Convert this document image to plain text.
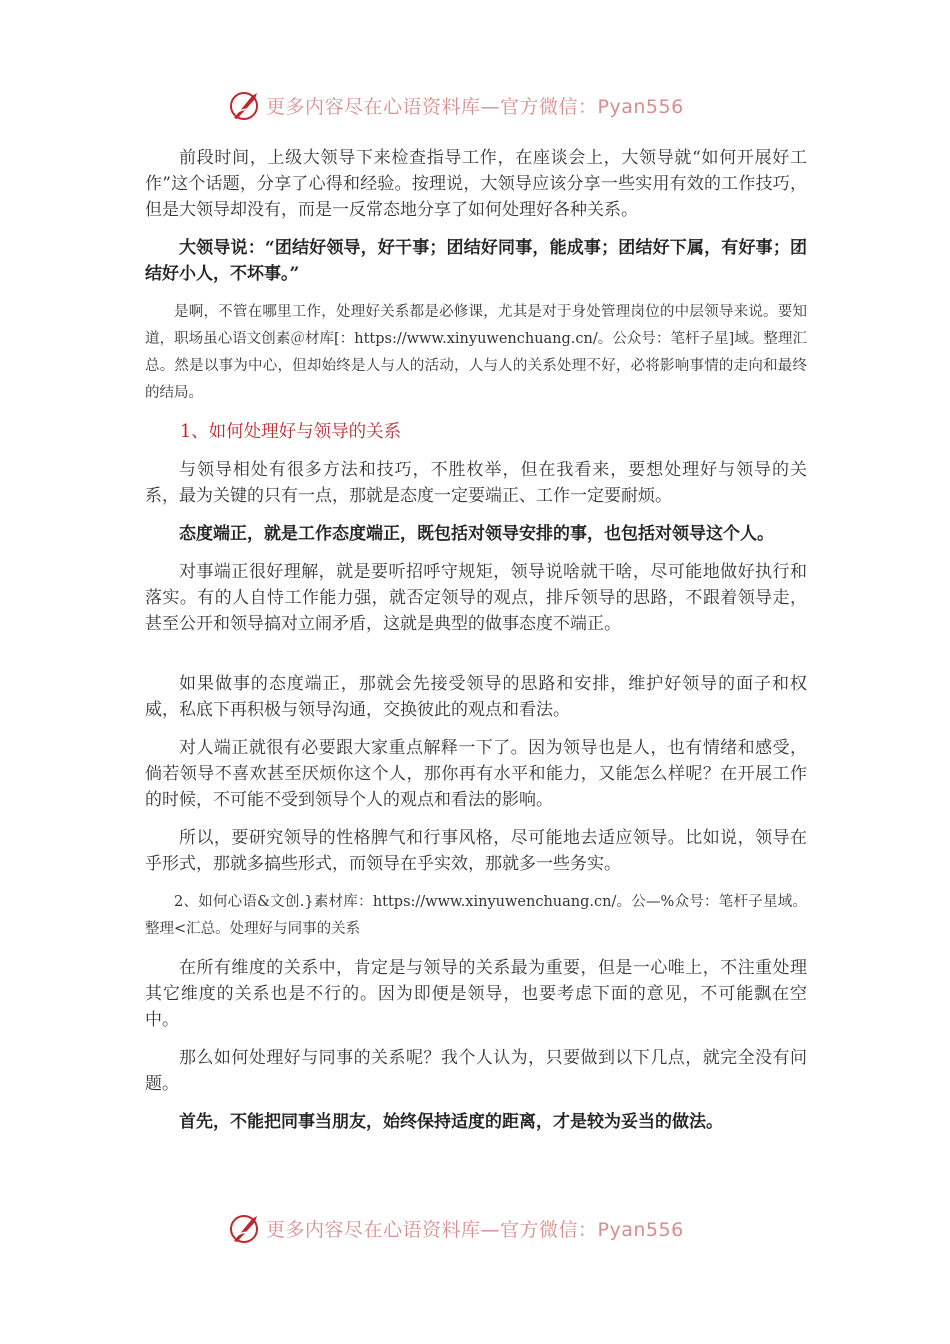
更多内容尽在心语资料库—官方微信：Pyan556

前段时间，上级大领导下来检查指导工作，在座谈会上，大领导就“如何开展好工作”这个话题，分享了心得和经验。按理说，大领导应该分享一些实用有效的工作技巧，但是大领导却没有，而是一反常态地分享了如何处理好各种关系。

大领导说：“团结好领导，好干事；团结好同事，能成事；团结好下属，有好事；团结好小人，不坏事。”

是啊，不管在哪里工作，处理好关系都是必修课，尤其是对于身处管理岗位的中层领导来说。要知道，职场虽心语文创素＠材库[：https://www.xinyuwenchuang.cn/。公众号：笔杆子星]域。整理汇总。然是以事为中心，但却始终是人与人的活动，人与人的关系处理不好，必将影响事情的走向和最终的结局。

1、如何处理好与领导的关系

与领导相处有很多方法和技巧，不胜枚举，但在我看来，要想处理好与领导的关系，最为关键的只有一点，那就是态度一定要端正、工作一定要耐烦。

态度端正，就是工作态度端正，既包括对领导安排的事，也包括对领导这个人。

对事端正很好理解，就是要听招呼守规矩，领导说啥就干啥，尽可能地做好执行和落实。有的人自恃工作能力强，就否定领导的观点，排斥领导的思路，不跟着领导走，甚至公开和领导搞对立闹矛盾，这就是典型的做事态度不端正。

如果做事的态度端正，那就会先接受领导的思路和安排，维护好领导的面子和权威，私底下再积极与领导沟通，交换彼此的观点和看法。

对人端正就很有必要跟大家重点解释一下了。因为领导也是人，也有情绪和感受，倘若领导不喜欢甚至厌烦你这个人，那你再有水平和能力，又能怎么样呢？在开展工作的时候，不可能不受到领导个人的观点和看法的影响。

所以，要研究领导的性格脾气和行事风格，尽可能地去适应领导。比如说，领导在乎形式，那就多搞些形式，而领导在乎实效，那就多一些务实。

2、如何心语&文创.}素材库：https://www.xinyuwenchuang.cn/。公—%众号：笔杆子星域。整理<汇总。处理好与同事的关系

在所有维度的关系中，肯定是与领导的关系最为重要，但是一心唯上，不注重处理其它维度的关系也是不行的。因为即便是领导，也要考虑下面的意见，不可能飘在空中。

那么如何处理好与同事的关系呢？我个人认为，只要做到以下几点，就完全没有问题。

首先，不能把同事当朋友，始终保持适度的距离，才是较为妥当的做法。

更多内容尽在心语资料库—官方微信：Pyan556
